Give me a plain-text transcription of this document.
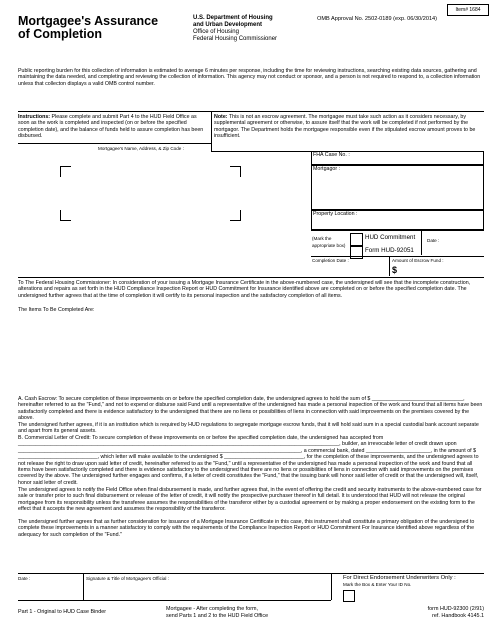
Item# 1684
Mortgagee's Assurance
of Completion
U.S. Department of Housing
and Urban Development
Office of Housing
Federal Housing Commissioner
OMB Approval No. 2502-0189 (exp. 06/30/2014)
Public reporting burden for this collection of information is estimated to average 6 minutes per response, including the time for reviewing instructions, searching existing data sources, gathering and maintaining the data needed, and completing and reviewing the collection of information. This agency may not conduct or sponsor, and a person is not required to respond to, a collection information unless that collecton displays a valid OMB control number.
Instructions: Please complete and submit Part 4 to the HUD Field Office as soon as the work is completed and inspected (on or before the specified completion date), and the balance of funds held to assure completion has been disbursed.
Note: This is not an escrow agreement. The mortgagee must take such action as it considers necessary, by supplemental agreement or otherwise, to assure itself that the work will be completed if not performed by the mortgagor. The Department holds the mortgagee responsible even if the stipulated escrow amount proves to be insufficient.
Mortgagee's Name, Address, & Zip Code :
FHA Case No. :
Mortgagor :
Property Location :
(Mark the
appropriate box)
HUD Commitment
Form HUD-92051
Date :
Completion Date :	Amount of Escrow Fund :
$
To The Federal Housing Commissioner: In consideration of your issuing a Mortgage Insurance Certificate in the above-numbered case, the undersigned will see that the incomplete construction, alterations and repairs as set forth in the HUD Compliance Inspection Report or HUD Commitment for Insurance identified above are completed on or before the specified completion date. The undersigned further agrees that at the time of completion it will certify to its personal inspection and the satisfactory completion of all items.
The Items To Be Completed Are:
A. Cash Escrow: To secure completion of these improvements on or before the specified completion date, the undersigned agrees to hold the sum of $ _______________________________, hereinafter referred to as the "Fund," and not to expend or disburse said Fund until a representative of the undersigned has made a personal inspection of the work and found that all items have been satisfactorily completed and there is evidence satisfactory to the undersigned that there are no liens or possibilities of liens in connection with said improvements on the premises covered by the above.
The undersigned further agrees, if it is an institution which is required by HUD regulations to segregate mortgage escrow funds, that it will hold said sum in a special custodial bank account separate and apart from its general assets.
B. Commercial Letter of Credit: To secure completion of these improvements on or before the specified completion date, the undersigned has accepted from _____________________________________________________________________________________________________________, builder, an irrevocable letter of credit drawn upon ________________________________________________________________________________________________, a commercial bank, dated ______________________, in the amount of $ ___________________________, which letter will make available to the undersigned $ ___________________________, for the completion of these improvements, and the undersigned agrees to not release the right to draw upon said letter of credit, hereinafter referred to as the "Fund," until a representative of the undersigned has made a personal inspection of the work and found that all items have been satisfactorily completed and there is evidence satisfactory to the undersigned that there are no liens or possibilities of liens in connection with said improvements on the premises covered by the above. The undersigned further engages and confirms, if a letter of credit constitutes the "Fund," that the issuing bank will honor said letter of credit or that the undersigned will, itself, honor said letter of credit.
The undersigned agrees to notify the Field Office when final disbursement is made, and further agrees that, in the event of offering the credit and security instruments to the above-numbered case for sale or transfer prior to such final disbursement or release of the letter of credit, it will notify the prospective purchaser thereof in full detail. It is understood that HUD will not release the original mortgagee from its responsibility unless the transferee assumes the responsibilities of the transferor either by a custodial agreement or by making a proper endorsement on the existing form to the effect that it accepts the new agreement and assumes the responsibility of the transferor.
The undersigned further agrees that as further consideration for issuance of a Mortgage Insurance Certificate in this case, this instrument shall constitute a primary obligation of the undersigned to complete these improvements in a manner satisfactory to comply with the requirements of the Compliance Inspection Report or HUD Commitment For Insurance identified above regardless of the adequacy for such completion of the "Fund."
Date :	Signature & Title of Mortgagee's Official :	For Direct Endorsement Underwriters Only :
Mark the Box & Enter Your ID No.
Part 1 - Original to HUD Case Binder	Mortgagee - After completing the form,
send Parts 1 and 2 to the HUD Field Office
form HUD-92300 (2/91)
ref. Handbook 4145.1
